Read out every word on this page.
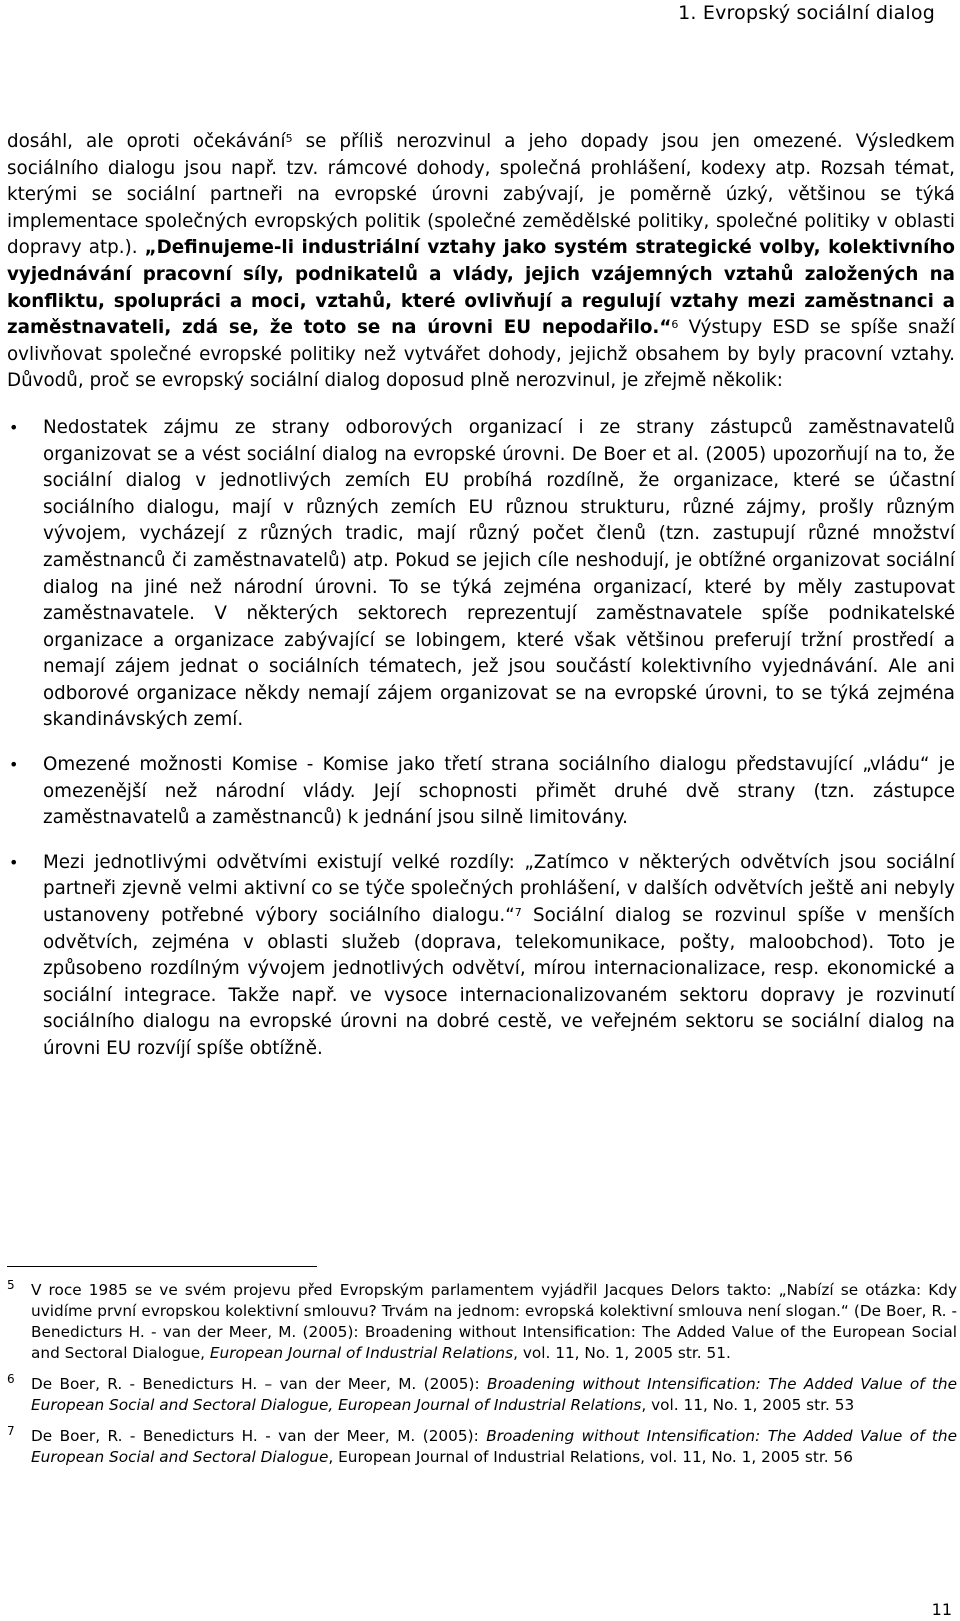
1. Evropský sociální dialog

dosáhl, ale oproti očekávání$^5$ se příliš nerozvinul a jeho dopady jsou jen omezené. Výsledkem sociálního dialogu jsou např. tzv. rámcové dohody, společná prohlášení, kodexy atp. Rozsah témat, kterými se sociální partneři na evropské úrovni zabývají, je poměrně úzký, většinou se týká implementace společných evropských politik (společné zemědělské politiky, společné politiky v oblasti dopravy atp.). „Definujeme-li industriální vztahy jako systém strategické volby, kolektivního vyjednávání pracovní síly, podnikatelů a vlády, jejich vzájemných vztahů založených na konfliktu, spolupráci a moci, vztahů, které ovlivňují a regulují vztahy mezi zaměstnanci a zaměstnavateli, zdá se, že toto se na úrovni EU nepodařilo.“$^6$ Výstupy ESD se spíše snaží ovlivňovat společné evropské politiky než vytvářet dohody, jejichž obsahem by byly pracovní vztahy. Důvodů, proč se evropský sociální dialog doposud plně nerozvinul, je zřejmě několik:

• Nedostatek zájmu ze strany odborových organizací i ze strany zástupců zaměstnavatelů organizovat se a vést sociální dialog na evropské úrovni. De Boer et al. (2005) upozorňují na to, že sociální dialog v jednotlivých zemích EU probíhá rozdílně, že organizace, které se účastní sociálního dialogu, mají v různých zemích EU různou strukturu, různé zájmy, prošly různým vývojem, vycházejí z různých tradic, mají různý počet členů (tzn. zastupují různé množství zaměstnanců či zaměstnavatelů) atp. Pokud se jejich cíle neshodují, je obtížné organizovat sociální dialog na jiné než národní úrovni. To se týká zejména organizací, které by měly zastupovat zaměstnavatele. V některých sektorech reprezentují zaměstnavatele spíše podnikatelské organizace a organizace zabývající se lobingem, které však většinou preferují tržní prostředí a nemají zájem jednat o sociálních tématech, jež jsou součástí kolektivního vyjednávání. Ale ani odborové organizace někdy nemají zájem organizovat se na evropské úrovni, to se týká zejména skandinávských zemí.
• Omezené možnosti Komise - Komise jako třetí strana sociálního dialogu představující „vládu“ je omezenější než národní vlády. Její schopnosti přimět druhé dvě strany (tzn. zástupce zaměstnavatelů a zaměstnanců) k jednání jsou silně limitovány.
• Mezi jednotlivými odvětvími existují velké rozdíly: „Zatímco v některých odvětvích jsou sociální partneři zjevně velmi aktivní co se týče společných prohlášení, v dalších odvětvích ještě ani nebyly ustanoveny potřebné výbory sociálního dialogu.“$^7$ Sociální dialog se rozvinul spíše v menších odvětvích, zejména v oblasti služeb (doprava, telekomunikace, pošty, maloobchod). Toto je způsobeno rozdílným vývojem jednotlivých odvětví, mírou internacionalizace, resp. ekonomické a sociální integrace. Takže např. ve vysoce internacionalizovaném sektoru dopravy je rozvinutí sociálního dialogu na evropské úrovni na dobré cestě, ve veřejném sektoru se sociální dialog na úrovni EU rozvíjí spíše obtížně.
5 V roce 1985 se ve svém projevu před Evropským parlamentem vyjádřil Jacques Delors takto: „Nabízí se otázka: Kdy uvidíme první evropskou kolektivní smlouvu? Trvám na jednom: evropská kolektivní smlouva není slogan.“ (De Boer, R. - Benedicturs H. - van der Meer, M. (2005): Broadening without Intensification: The Added Value of the European Social and Sectoral Dialogue, European Journal of Industrial Relations, vol. 11, No. 1, 2005 str. 51.
6 De Boer, R. - Benedicturs H. – van der Meer, M. (2005): Broadening without Intensification: The Added Value of the European Social and Sectoral Dialogue, European Journal of Industrial Relations, vol. 11, No. 1, 2005 str. 53
7 De Boer, R. - Benedicturs H. - van der Meer, M. (2005): Broadening without Intensification: The Added Value of the European Social and Sectoral Dialogue, European Journal of Industrial Relations, vol. 11, No. 1, 2005 str. 56
11
